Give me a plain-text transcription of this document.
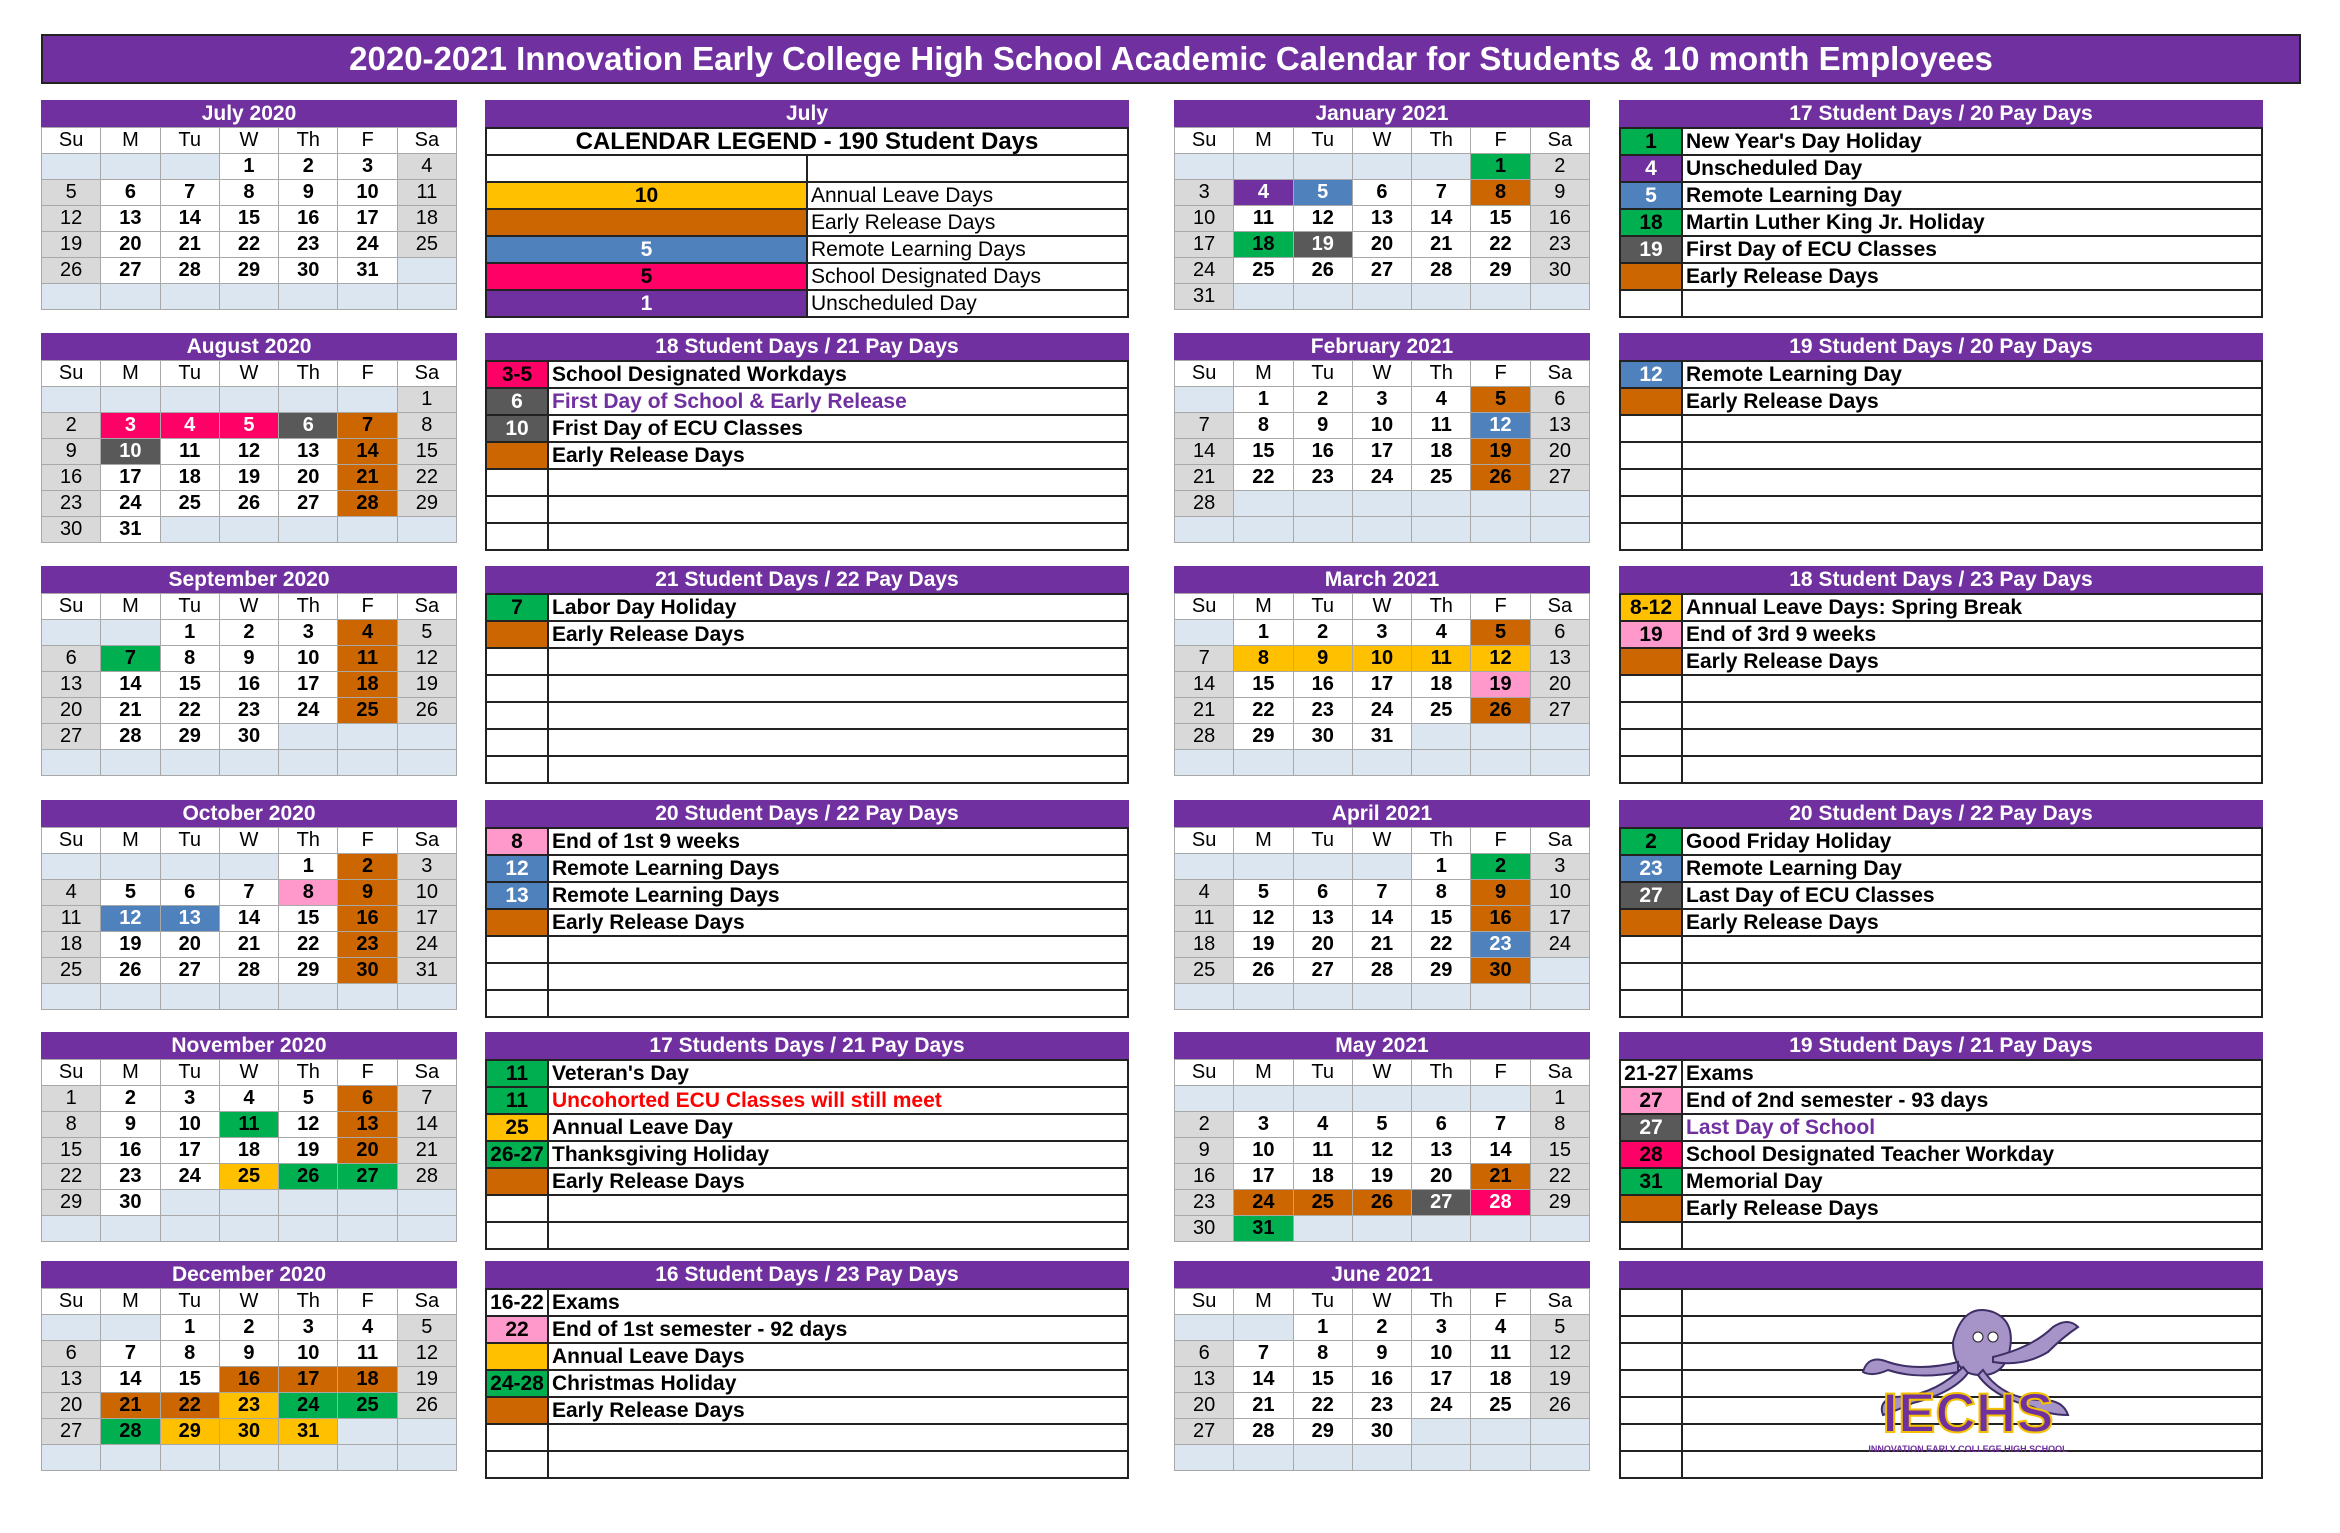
2020-2021 Innovation Early College High School Academic Calendar for Students & 10 month Employees
July 2020
Su	M	Tu	W	Th	F	Sa
			1	2	3	4
5	6	7	8	9	10	11
12	13	14	15	16	17	18
19	20	21	22	23	24	25
26	27	28	29	30	31	

August 2020
Su	M	Tu	W	Th	F	Sa
						1
2	3	4	5	6	7	8
9	10	11	12	13	14	15
16	17	18	19	20	21	22
23	24	25	26	27	28	29
30	31					
September 2020
Su	M	Tu	W	Th	F	Sa
		1	2	3	4	5
6	7	8	9	10	11	12
13	14	15	16	17	18	19
20	21	22	23	24	25	26
27	28	29	30			

October 2020
Su	M	Tu	W	Th	F	Sa
				1	2	3
4	5	6	7	8	9	10
11	12	13	14	15	16	17
18	19	20	21	22	23	24
25	26	27	28	29	30	31

November 2020
Su	M	Tu	W	Th	F	Sa
1	2	3	4	5	6	7
8	9	10	11	12	13	14
15	16	17	18	19	20	21
22	23	24	25	26	27	28
29	30					

December 2020
Su	M	Tu	W	Th	F	Sa
		1	2	3	4	5
6	7	8	9	10	11	12
13	14	15	16	17	18	19
20	21	22	23	24	25	26
27	28	29	30	31		

January 2021
Su	M	Tu	W	Th	F	Sa
					1	2
3	4	5	6	7	8	9
10	11	12	13	14	15	16
17	18	19	20	21	22	23
24	25	26	27	28	29	30
31						
February 2021
Su	M	Tu	W	Th	F	Sa
	1	2	3	4	5	6
7	8	9	10	11	12	13
14	15	16	17	18	19	20
21	22	23	24	25	26	27
28						

March 2021
Su	M	Tu	W	Th	F	Sa
	1	2	3	4	5	6
7	8	9	10	11	12	13
14	15	16	17	18	19	20
21	22	23	24	25	26	27
28	29	30	31			

April 2021
Su	M	Tu	W	Th	F	Sa
				1	2	3
4	5	6	7	8	9	10
11	12	13	14	15	16	17
18	19	20	21	22	23	24
25	26	27	28	29	30	

May 2021
Su	M	Tu	W	Th	F	Sa
						1
2	3	4	5	6	7	8
9	10	11	12	13	14	15
16	17	18	19	20	21	22
23	24	25	26	27	28	29
30	31					
June 2021
Su	M	Tu	W	Th	F	Sa
		1	2	3	4	5
6	7	8	9	10	11	12
13	14	15	16	17	18	19
20	21	22	23	24	25	26
27	28	29	30			

July
CALENDAR LEGEND - 190 Student Days	

10	Annual Leave Days
	Early Release Days
5	Remote Learning Days
5	School Designated Days
1	Unscheduled Day
18 Student Days / 21 Pay Days
3-5	School Designated Workdays
6	First Day of School & Early Release
10	Frist Day of ECU Classes
	Early Release Days

21 Student Days / 22 Pay Days
7	Labor Day Holiday
	Early Release Days

20 Student Days / 22 Pay Days
8	End of 1st 9 weeks
12	Remote Learning Days
13	Remote Learning Days
	Early Release Days

17 Students Days / 21 Pay Days
11	Veteran's Day
11	Uncohorted ECU Classes will still meet
25	Annual Leave Day
26-27	Thanksgiving Holiday
	Early Release Days

16 Student Days / 23 Pay Days
16-22	Exams
22	End of 1st semester - 92 days
	Annual Leave Days
24-28	Christmas Holiday
	Early Release Days

17 Student Days / 20 Pay Days
1	New Year's Day Holiday
4	Unscheduled Day
5	Remote Learning Day
18	Martin Luther King Jr. Holiday
19	First Day of ECU Classes
	Early Release Days

19 Student Days / 20 Pay Days
12	Remote Learning Day
	Early Release Days

18 Student Days / 23 Pay Days
8-12	Annual Leave Days: Spring Break
19	End of 3rd 9 weeks
	Early Release Days

20 Student Days / 22 Pay Days
2	Good Friday Holiday
23	Remote Learning Day
27	Last Day of ECU Classes
	Early Release Days

19 Student Days / 21 Pay Days
21-27	Exams
27	End of 2nd semester - 93 days
27	Last Day of School
28	School Designated Teacher Workday
31	Memorial Day
	Early Release Days

IECHS
INNOVATION EARLY COLLEGE HIGH SCHOOL
